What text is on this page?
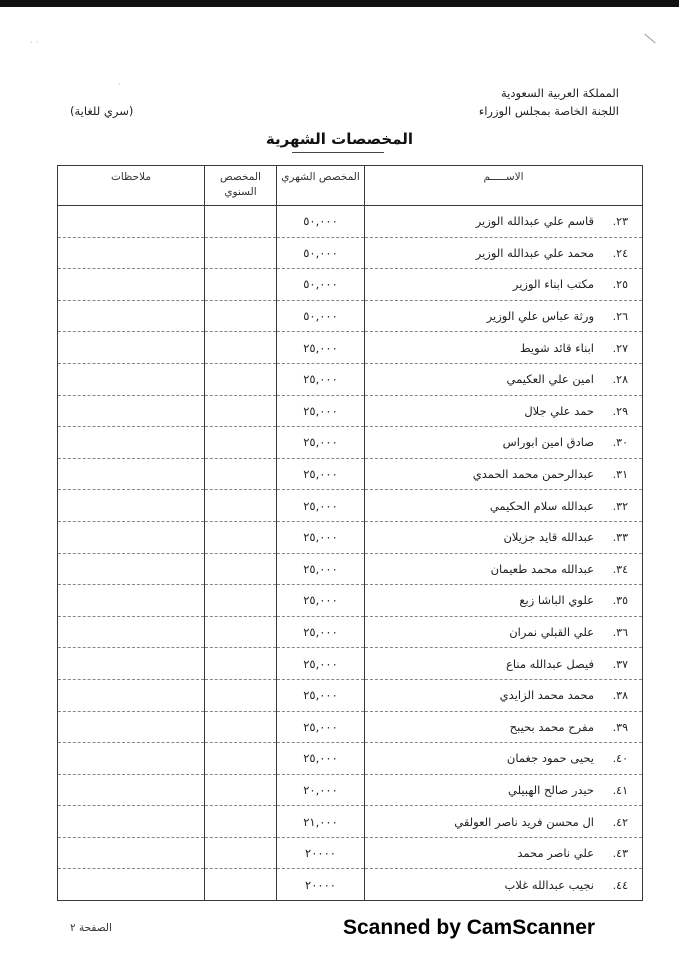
· ·
·
المملكة العربية السعودية
اللجنة الخاصة بمجلس الوزراء
(سري للغاية)
المخصصات الشهرية
الاســـــم	المخصص الشهري	المخصص السنوي	ملاحظات
٢٣.قاسم علي عبدالله الوزير	٥٠,٠٠٠		
٢٤.محمد علي عبدالله الوزير	٥٠,٠٠٠		
٢٥.مكتب ابناء الوزير	٥٠,٠٠٠		
٢٦.ورثة عباس علي الوزير	٥٠,٠٠٠		
٢٧.ابناء قائد شويط	٢٥,٠٠٠		
٢٨.امين علي العكيمي	٢٥,٠٠٠		
٢٩.حمد علي جلال	٢٥,٠٠٠		
٣٠.صادق امين ابوراس	٢٥,٠٠٠		
٣١.عبدالرحمن محمد الحمدي	٢٥,٠٠٠		
٣٢.عبدالله سلام الحكيمي	٢٥,٠٠٠		
٣٣.عبدالله قايد جزيلان	٢٥,٠٠٠		
٣٤.عبدالله محمد طعيمان	٢٥,٠٠٠		
٣٥.علوي الباشا زبع	٢٥,٠٠٠		
٣٦.علي القبلي نمران	٢٥,٠٠٠		
٣٧.فيصل عبدالله مناع	٢٥,٠٠٠		
٣٨.محمد محمد الزايدي	٢٥,٠٠٠		
٣٩.مفرح محمد بحيبح	٢٥,٠٠٠		
٤٠.يحيى حمود جغمان	٢٥,٠٠٠		
٤١.حيدر صالح الهبيلي	٢٠,٠٠٠		
٤٢.ال محسن فريد ناصر العولقي	٢١,٠٠٠		
٤٣.علي ناصر محمد	٢٠٠٠٠		
٤٤.نجيب عبدالله غلاب	٢٠٠٠٠		
الصفحة ٢	Scanned by CamScanner
